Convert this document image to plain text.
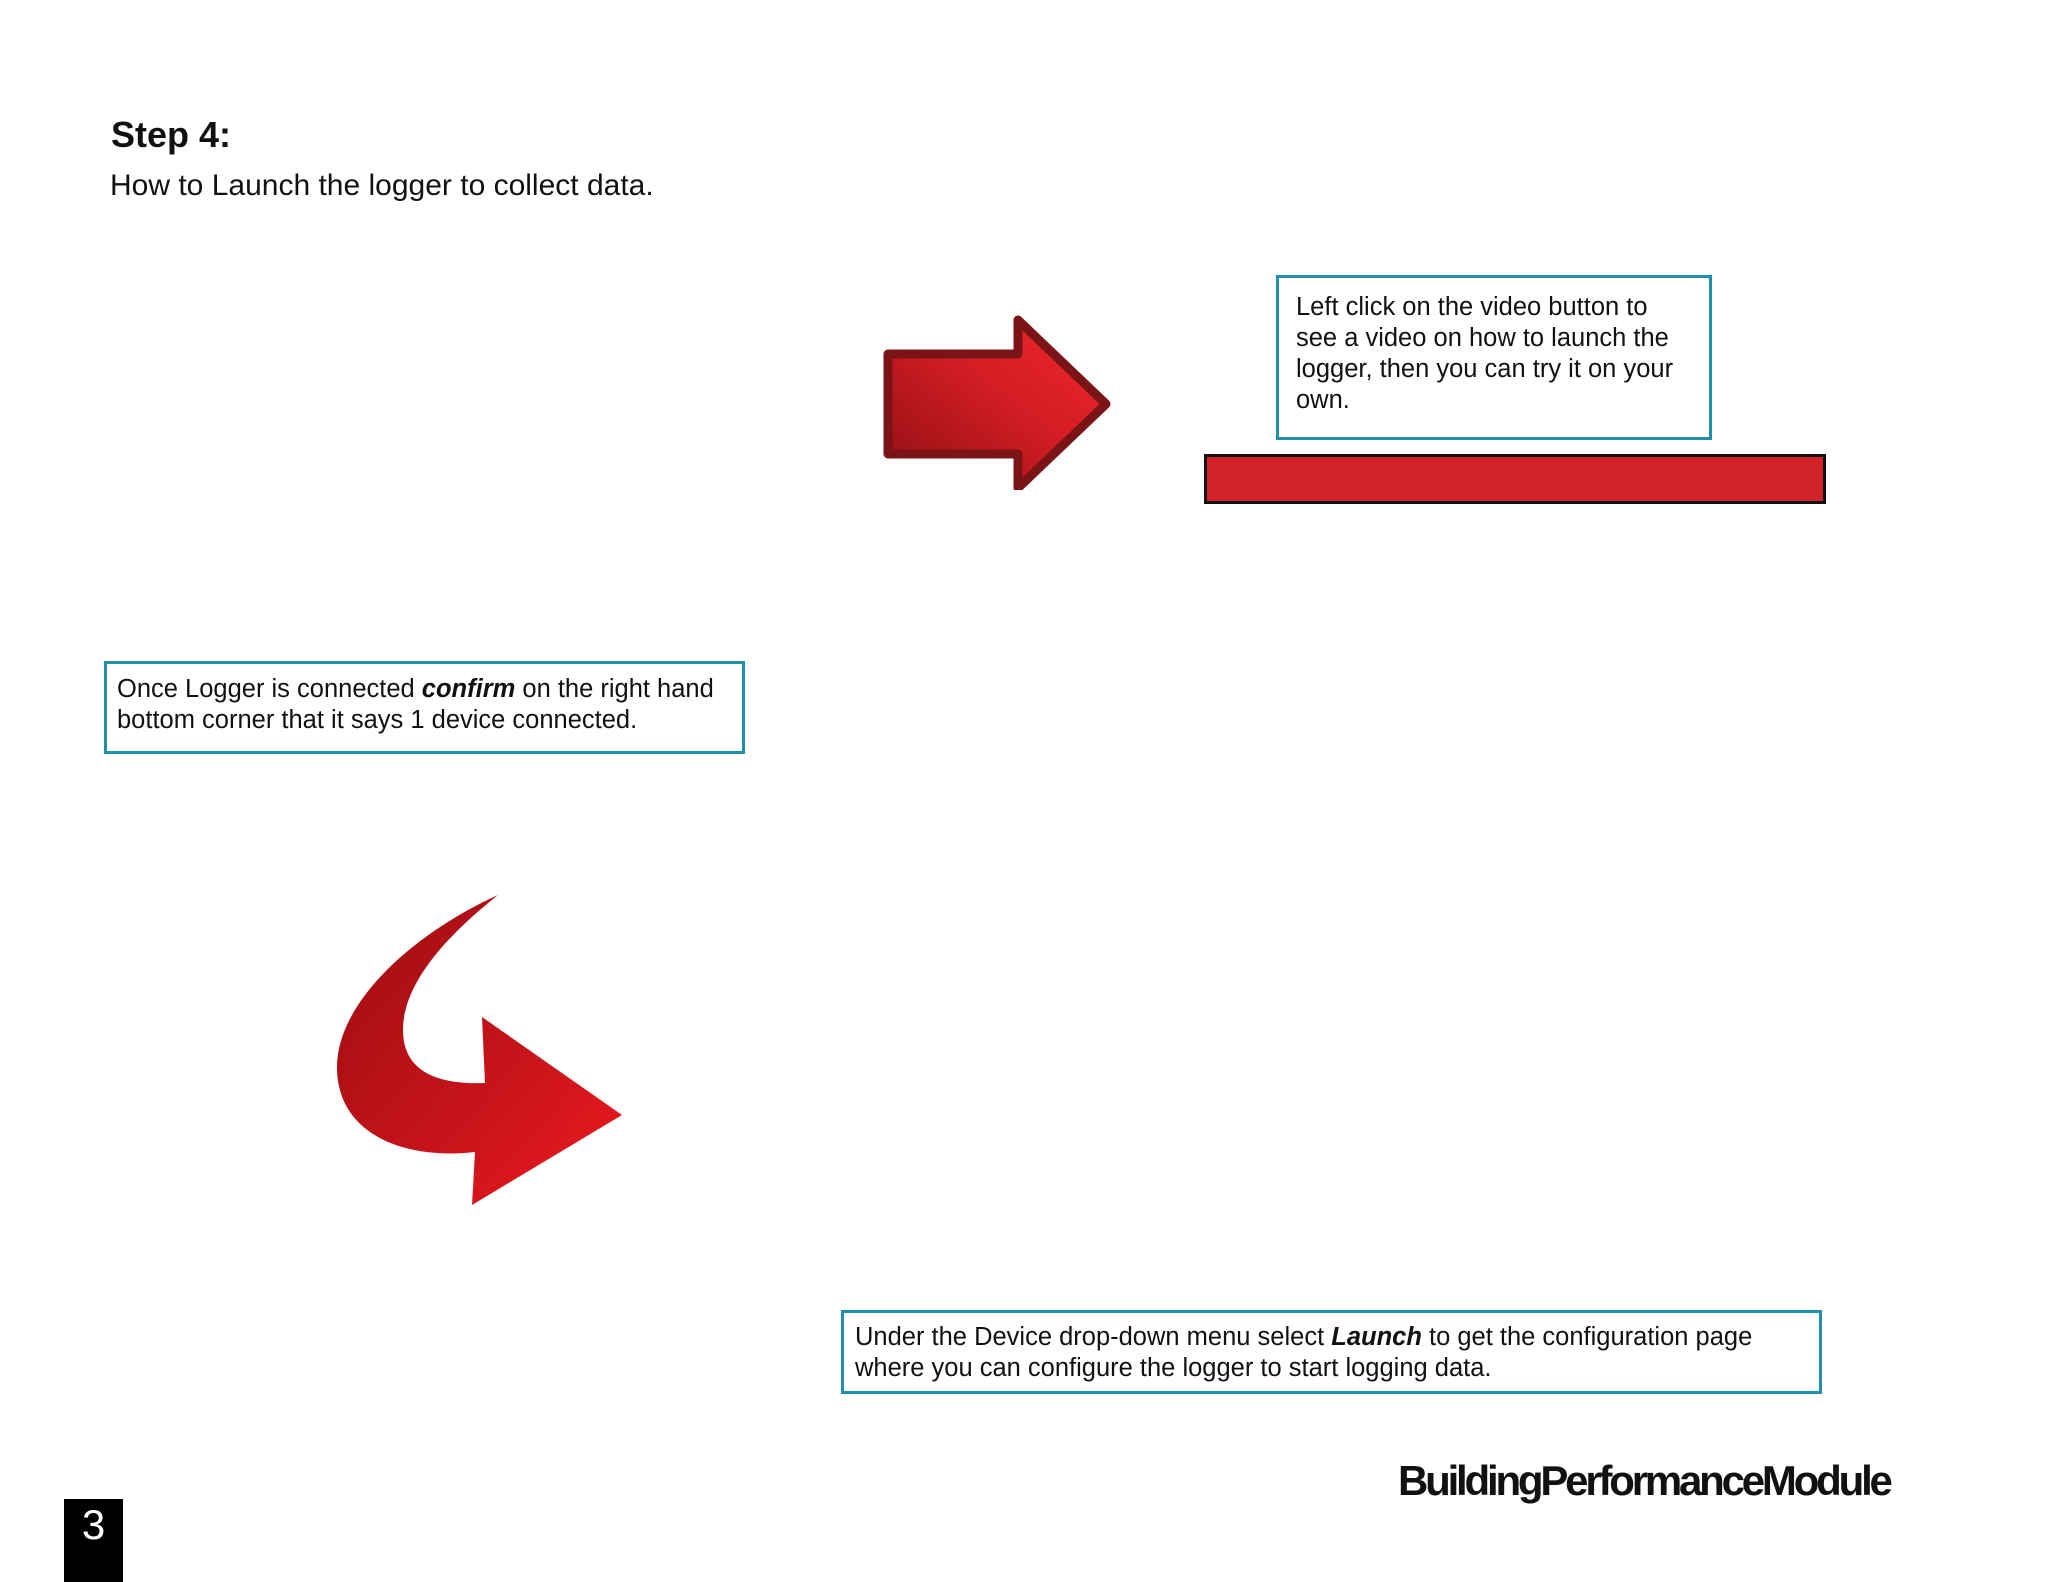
Step 4:

How to Launch the logger to collect data.

Left click on the video button to see a video on how to launch the logger, then you can try it on your own.
Once Logger is connected confirm on the right hand bottom corner that it says 1 device connected.
Under the Device drop-down menu select Launch to get the configuration page where you can configure the logger to start logging data.
BuildingPerformanceModule
3
